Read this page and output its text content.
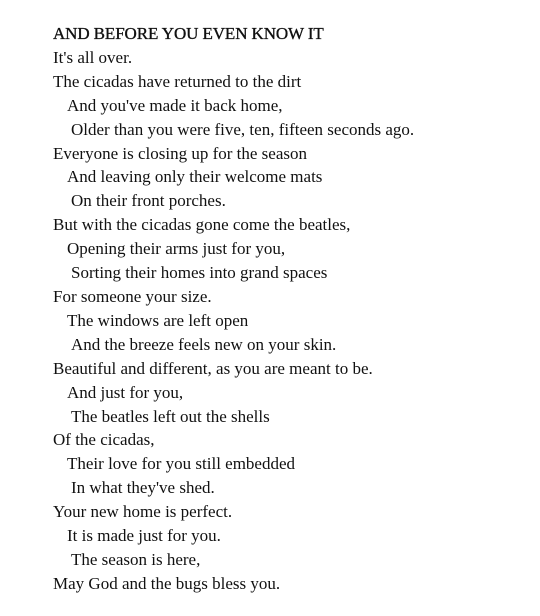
AND BEFORE YOU EVEN KNOW IT
It's all over.
The cicadas have returned to the dirt
And you've made it back home,
Older than you were five, ten, fifteen seconds ago.
Everyone is closing up for the season
And leaving only their welcome mats
On their front porches.
But with the cicadas gone come the beatles,
Opening their arms just for you,
Sorting their homes into grand spaces
For someone your size.
The windows are left open
And the breeze feels new on your skin.
Beautiful and different, as you are meant to be.
And just for you,
The beatles left out the shells
Of the cicadas,
Their love for you still embedded
In what they've shed.
Your new home is perfect.
It is made just for you.
The season is here,
May God and the bugs bless you.
